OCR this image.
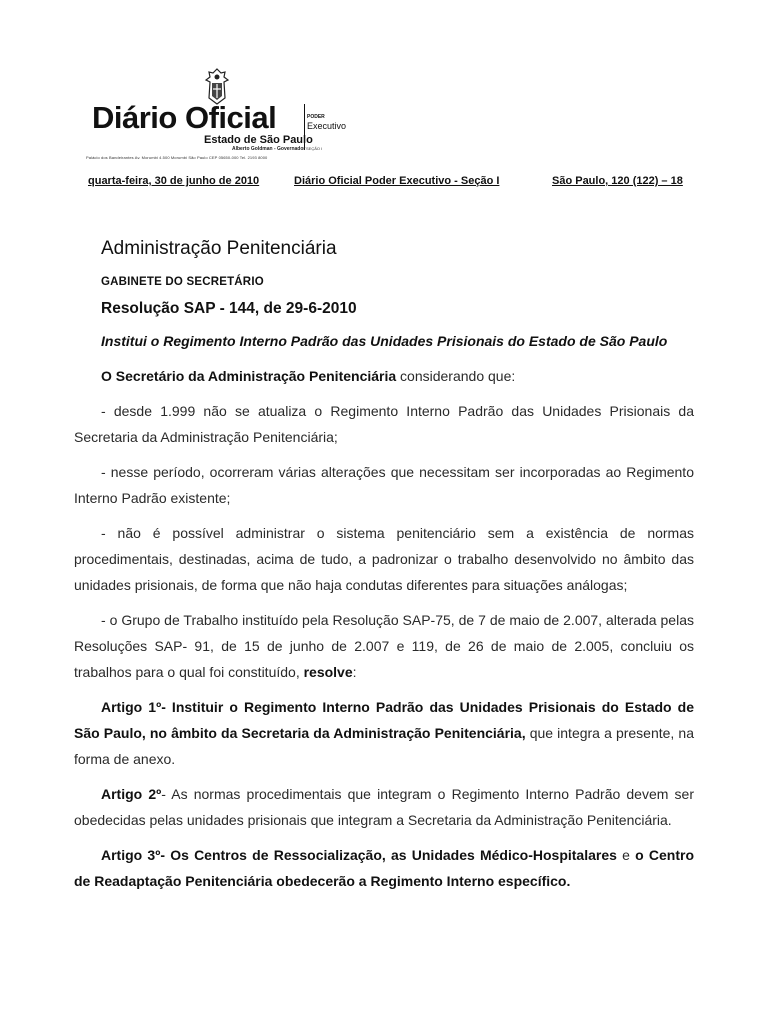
Diário Oficial	PODER
Executivo
Estado de São Paulo
Alberto Goldman - Governador SEÇÃO I
Palácio dos Bandeirantes Av. Morumbi 4.500 Morumbi São Paulo CEP 05650-000 Tel. 2193 8000
quarta-feira, 30 de junho de 2010	Diário Oficial Poder Executivo - Seção I	São Paulo, 120 (122) – 18
Administração Penitenciária
GABINETE DO SECRETÁRIO
Resolução SAP - 144, de 29-6-2010

Institui o Regimento Interno Padrão das Unidades Prisionais do Estado de São Paulo

O Secretário da Administração Penitenciária considerando que:

- desde 1.999 não se atualiza o Regimento Interno Padrão das Unidades Prisionais da Secretaria da Administração Penitenciária;

- nesse período, ocorreram várias alterações que necessitam ser incorporadas ao Regimento Interno Padrão existente;

- não é possível administrar o sistema penitenciário sem a existência de normas procedimentais, destinadas, acima de tudo, a padronizar o trabalho desenvolvido no âmbito das unidades prisionais, de forma que não haja condutas diferentes para situações análogas;

- o Grupo de Trabalho instituído pela Resolução SAP-75, de 7 de maio de 2.007, alterada pelas Resoluções SAP- 91, de 15 de junho de 2.007 e 119, de 26 de maio de 2.005, concluiu os trabalhos para o qual foi constituído, resolve:

Artigo 1º- Instituir o Regimento Interno Padrão das Unidades Prisionais do Estado de São Paulo, no âmbito da Secretaria da Administração Penitenciária, que integra a presente, na forma de anexo.

Artigo 2º- As normas procedimentais que integram o Regimento Interno Padrão devem ser obedecidas pelas unidades prisionais que integram a Secretaria da Administração Penitenciária.

Artigo 3º- Os Centros de Ressocialização, as Unidades Médico-Hospitalares e o Centro de Readaptação Penitenciária obedecerão a Regimento Interno específico.
